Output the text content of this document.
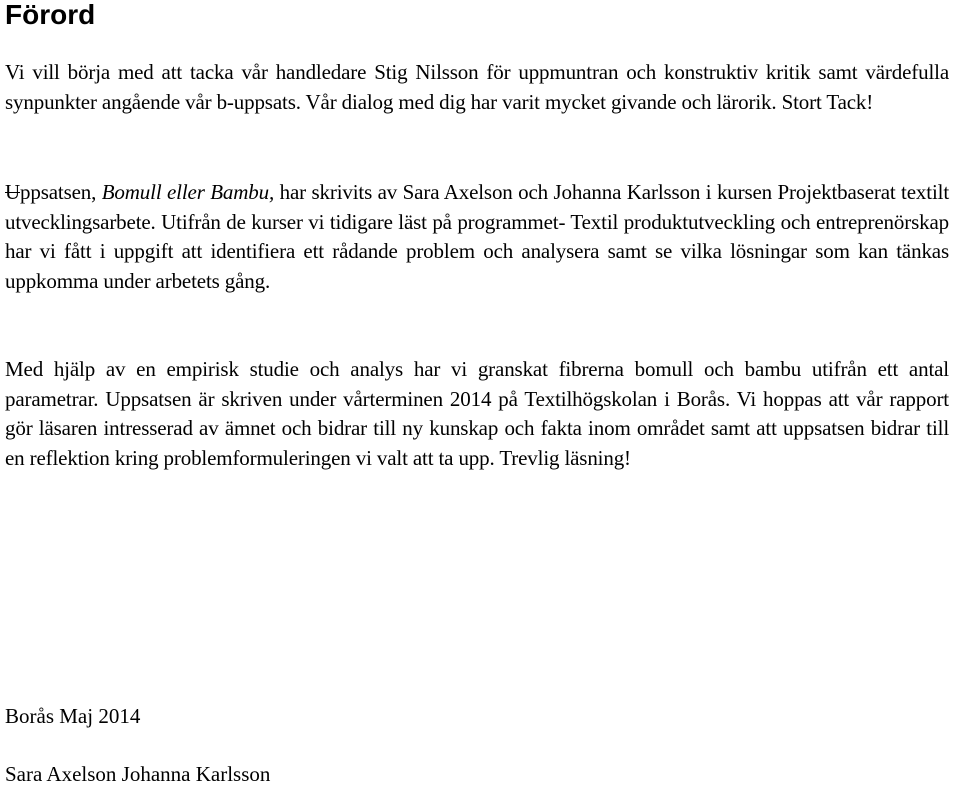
Förord

Vi vill börja med att tacka vår handledare Stig Nilsson för uppmuntran och konstruktiv kritik samt värdefulla synpunkter angående vår b-uppsats. Vår dialog med dig har varit mycket givande och lärorik. Stort Tack!

Uppsatsen, Bomull eller Bambu, har skrivits av Sara Axelson och Johanna Karlsson i kursen Projektbaserat textilt utvecklingsarbete. Utifrån de kurser vi tidigare läst på programmet- Textil produktutveckling och entreprenörskap har vi fått i uppgift att identifiera ett rådande problem och analysera samt se vilka lösningar som kan tänkas uppkomma under arbetets gång.

Med hjälp av en empirisk studie och analys har vi granskat fibrerna bomull och bambu utifrån ett antal parametrar. Uppsatsen är skriven under vårterminen 2014 på Textilhögskolan i Borås. Vi hoppas att vår rapport gör läsaren intresserad av ämnet och bidrar till ny kunskap och fakta inom området samt att uppsatsen bidrar till en reflektion kring problemformuleringen vi valt att ta upp. Trevlig läsning!

Borås Maj 2014

Sara Axelson Johanna Karlsson
